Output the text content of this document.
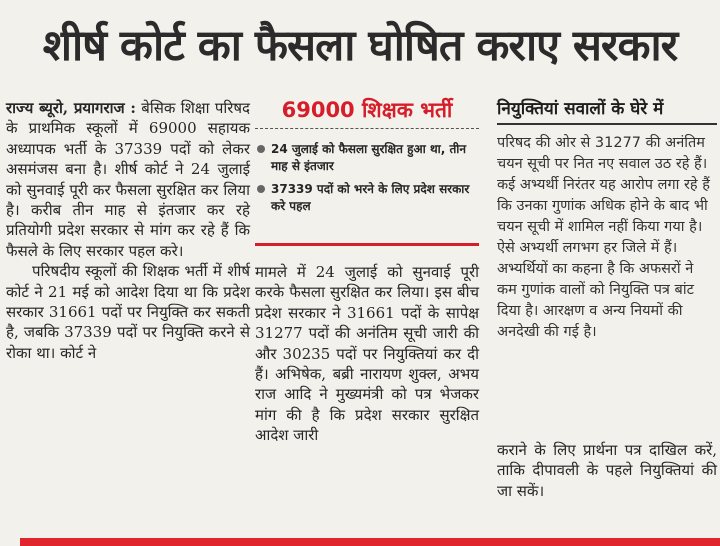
शीर्ष कोर्ट का फैसला घोषित कराए सरकार

राज्य ब्यूरो, प्रयागराज : बेसिक शिक्षा परिषद के प्राथमिक स्कूलों में 69000 सहायक अध्यापक भर्ती के 37339 पदों को लेकर असमंजस बना है। शीर्ष कोर्ट ने 24 जुलाई को सुनवाई पूरी कर फैसला सुरक्षित कर लिया है। करीब तीन माह से इंतजार कर रहे प्रतियोगी प्रदेश सरकार से मांग कर रहे हैं कि फैसले के लिए सरकार पहल करे।

परिषदीय स्कूलों की शिक्षक भर्ती में शीर्ष कोर्ट ने 21 मई को आदेश दिया था कि प्रदेश सरकार 31661 पदों पर नियुक्ति कर सकती है, जबकि 37339 पदों पर नियुक्ति करने से रोका था। कोर्ट ने

69000 शिक्षक भर्ती
24 जुलाई को फैसला सुरक्षित हुआ था, तीन माह से इंतजार
37339 पदों को भरने के लिए प्रदेश सरकार करे पहल

मामले में 24 जुलाई को सुनवाई पूरी करके फैसला सुरक्षित कर लिया। इस बीच प्रदेश सरकार ने 31661 पदों के सापेक्ष 31277 पदों की अनंतिम सूची जारी की और 30235 पदों पर नियुक्तियां कर दी हैं। अभिषेक, बब्री नारायण शुक्ल, अभय राज आदि ने मुख्यमंत्री को पत्र भेजकर मांग की है कि प्रदेश सरकार सुरक्षित आदेश जारी

नियुक्तियां सवालों के घेरे में
परिषद की ओर से 31277 की अनंतिम चयन सूची पर नित नए सवाल उठ रहे हैं। कई अभ्यर्थी निरंतर यह आरोप लगा रहे हैं कि उनका गुणांक अधिक होने के बाद भी चयन सूची में शामिल नहीं किया गया है। ऐसे अभ्यर्थी लगभग हर जिले में हैं। अभ्यर्थियों का कहना है कि अफसरों ने कम गुणांक वालों को नियुक्ति पत्र बांट दिया है। आरक्षण व अन्य नियमों की अनदेखी की गई है।

कराने के लिए प्रार्थना पत्र दाखिल करें, ताकि दीपावली के पहले नियुक्तियां की जा सकें।
